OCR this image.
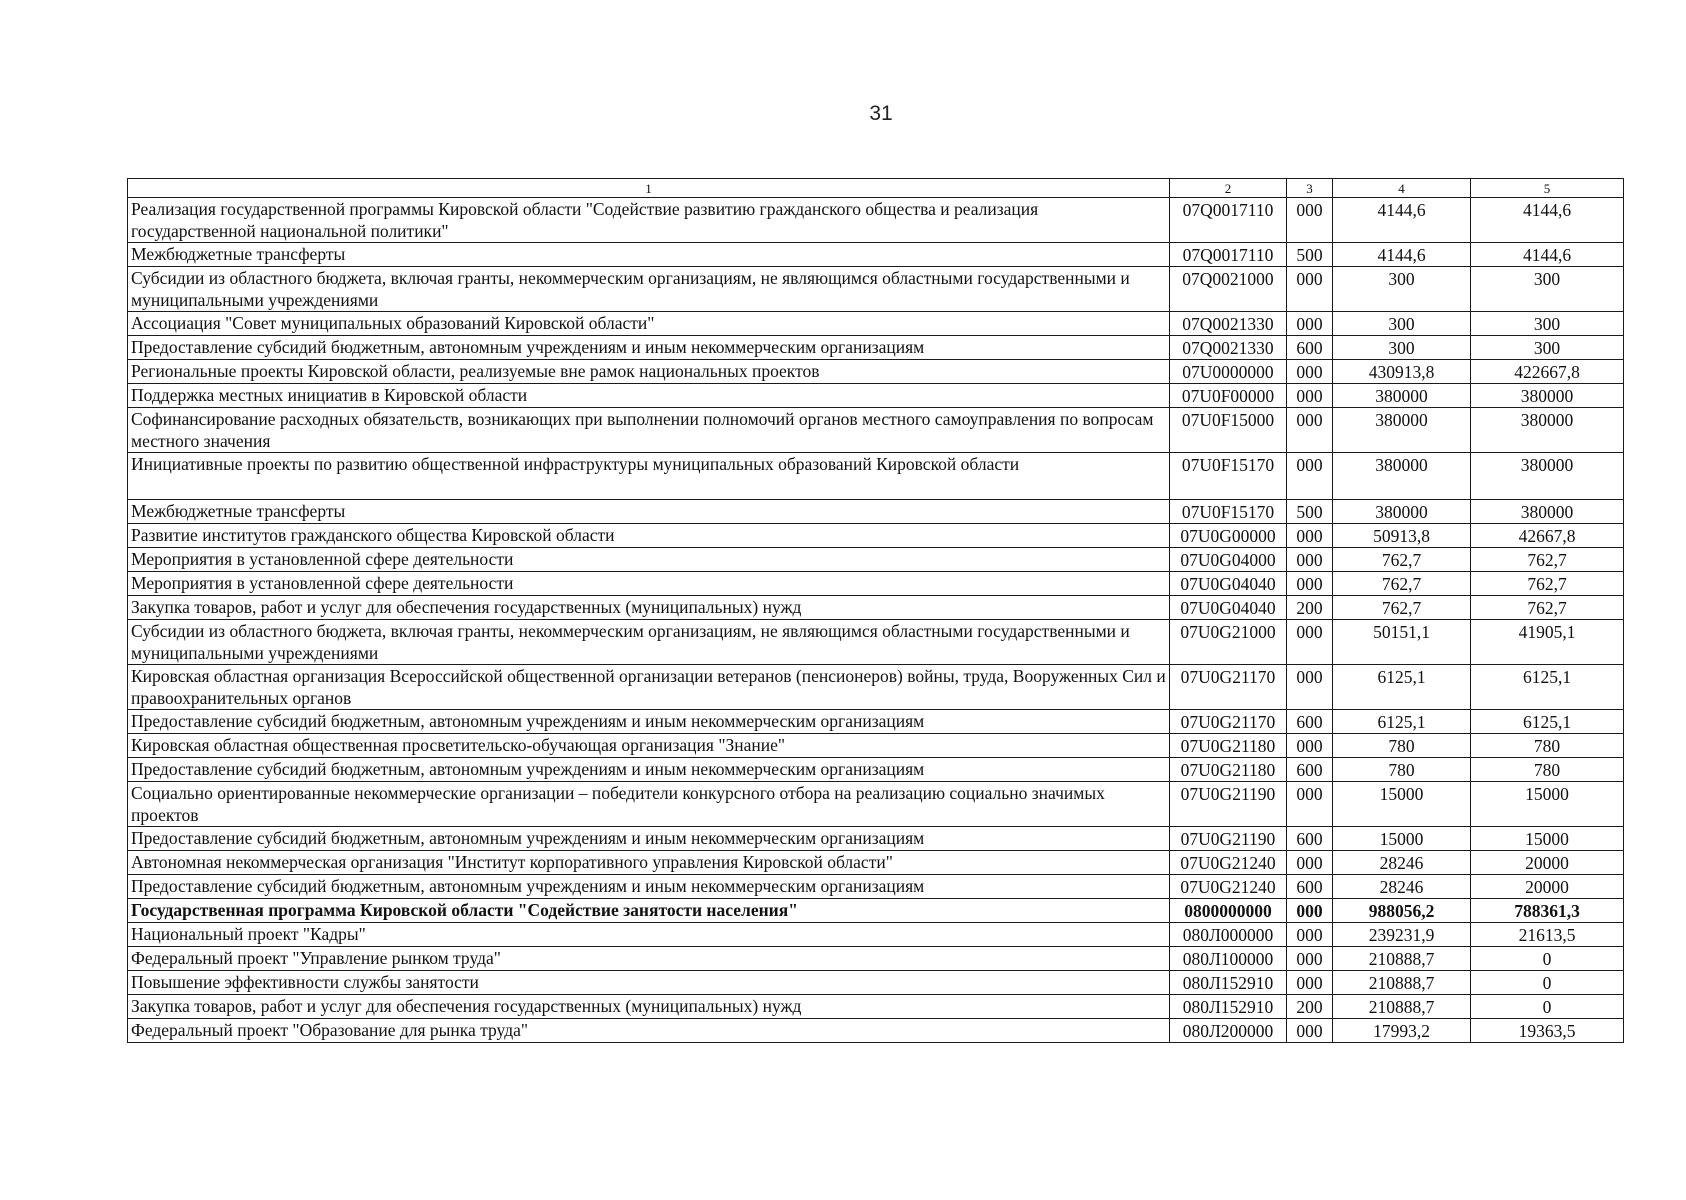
31
1	2	3	4	5
Реализация государственной программы Кировской области "Содействие развитию гражданского общества и реализация государственной национальной политики"	07Q0017110	000	4144,6	4144,6
Межбюджетные трансферты	07Q0017110	500	4144,6	4144,6
Субсидии из областного бюджета, включая гранты, некоммерческим организациям, не являющимся областными государственными и муниципальными учреждениями	07Q0021000	000	300	300
Ассоциация "Совет муниципальных образований Кировской области"	07Q0021330	000	300	300
Предоставление субсидий бюджетным, автономным учреждениям и иным некоммерческим организациям	07Q0021330	600	300	300
Региональные проекты Кировской области, реализуемые вне рамок национальных проектов	07U0000000	000	430913,8	422667,8
Поддержка местных инициатив в Кировской области	07U0F00000	000	380000	380000
Софинансирование расходных обязательств, возникающих при выполнении полномочий органов местного самоуправления по вопросам местного значения	07U0F15000	000	380000	380000
Инициативные проекты по развитию общественной инфраструктуры муниципальных образований Кировской области	07U0F15170	000	380000	380000
Межбюджетные трансферты	07U0F15170	500	380000	380000
Развитие институтов гражданского общества Кировской области	07U0G00000	000	50913,8	42667,8
Мероприятия в установленной сфере деятельности	07U0G04000	000	762,7	762,7
Мероприятия в установленной сфере деятельности	07U0G04040	000	762,7	762,7
Закупка товаров, работ и услуг для обеспечения государственных (муниципальных) нужд	07U0G04040	200	762,7	762,7
Субсидии из областного бюджета, включая гранты, некоммерческим организациям, не являющимся областными государственными и муниципальными учреждениями	07U0G21000	000	50151,1	41905,1
Кировская областная организация Всероссийской общественной организации ветеранов (пенсионеров) войны, труда, Вооруженных Сил и правоохранительных органов	07U0G21170	000	6125,1	6125,1
Предоставление субсидий бюджетным, автономным учреждениям и иным некоммерческим организациям	07U0G21170	600	6125,1	6125,1
Кировская областная общественная просветительско-обучающая организация "Знание"	07U0G21180	000	780	780
Предоставление субсидий бюджетным, автономным учреждениям и иным некоммерческим организациям	07U0G21180	600	780	780
Социально ориентированные некоммерческие организации – победители конкурсного отбора на реализацию социально значимых проектов	07U0G21190	000	15000	15000
Предоставление субсидий бюджетным, автономным учреждениям и иным некоммерческим организациям	07U0G21190	600	15000	15000
Автономная некоммерческая организация "Институт корпоративного управления Кировской области"	07U0G21240	000	28246	20000
Предоставление субсидий бюджетным, автономным учреждениям и иным некоммерческим организациям	07U0G21240	600	28246	20000
Государственная программа Кировской области "Содействие занятости населения"	0800000000	000	988056,2	788361,3
Национальный проект "Кадры"	080Л000000	000	239231,9	21613,5
Федеральный проект "Управление рынком труда"	080Л100000	000	210888,7	0
Повышение эффективности службы занятости	080Л152910	000	210888,7	0
Закупка товаров, работ и услуг для обеспечения государственных (муниципальных) нужд	080Л152910	200	210888,7	0
Федеральный проект "Образование для рынка труда"	080Л200000	000	17993,2	19363,5
